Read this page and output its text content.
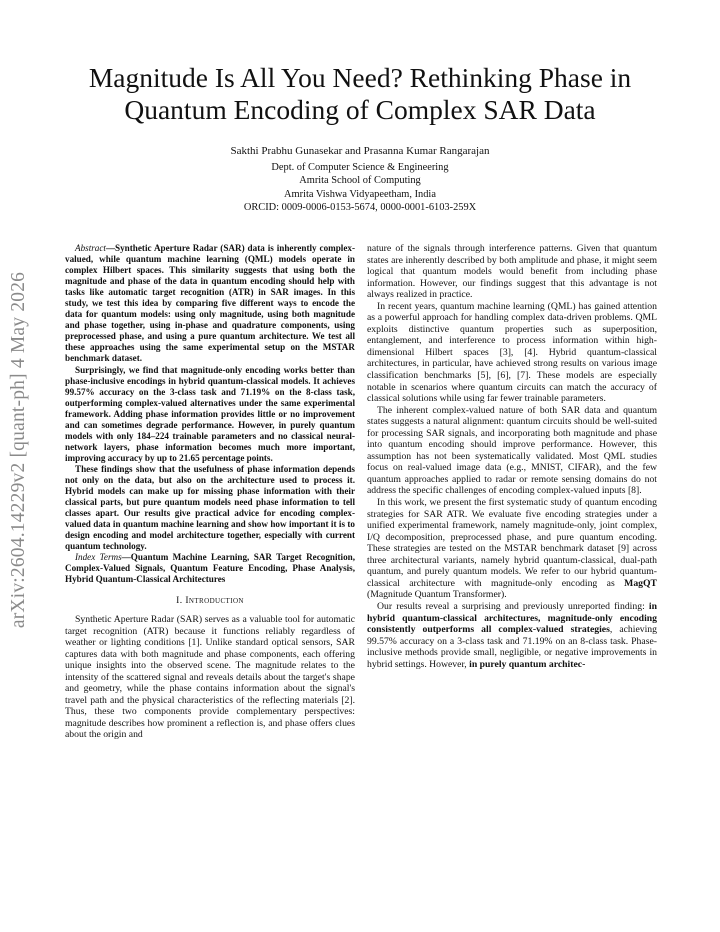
arXiv:2604.14229v2 [quant-ph] 4 May 2026
Magnitude Is All You Need? Rethinking Phase in Quantum Encoding of Complex SAR Data
Sakthi Prabhu Gunasekar and Prasanna Kumar Rangarajan
Dept. of Computer Science & Engineering
Amrita School of Computing
Amrita Vishwa Vidyapeetham, India
ORCID: 0009-0006-0153-5674, 0000-0001-6103-259X

Abstract—Synthetic Aperture Radar (SAR) data is inherently complex-valued, while quantum machine learning (QML) models operate in complex Hilbert spaces. This similarity suggests that using both the magnitude and phase of the data in quantum encoding should help with tasks like automatic target recognition (ATR) in SAR images. In this study, we test this idea by comparing five different ways to encode the data for quantum models: using only magnitude, using both magnitude and phase together, using in-phase and quadrature components, using preprocessed phase, and using a pure quantum architecture. We test all these approaches using the same experimental setup on the MSTAR benchmark dataset.

Surprisingly, we find that magnitude-only encoding works better than phase-inclusive encodings in hybrid quantum-classical models. It achieves 99.57% accuracy on the 3-class task and 71.19% on the 8-class task, outperforming complex-valued alternatives under the same experimental framework. Adding phase information provides little or no improvement and can sometimes degrade performance. However, in purely quantum models with only 184–224 trainable parameters and no classical neural-network layers, phase information becomes much more important, improving accuracy by up to 21.65 percentage points.

These findings show that the usefulness of phase information depends not only on the data, but also on the architecture used to process it. Hybrid models can make up for missing phase information with their classical parts, but pure quantum models need phase information to tell classes apart. Our results give practical advice for encoding complex-valued data in quantum machine learning and show how important it is to design encoding and model architecture together, especially with current quantum technology.

Index Terms—Quantum Machine Learning, SAR Target Recognition, Complex-Valued Signals, Quantum Feature Encoding, Phase Analysis, Hybrid Quantum-Classical Architectures

I. Introduction

Synthetic Aperture Radar (SAR) serves as a valuable tool for automatic target recognition (ATR) because it functions reliably regardless of weather or lighting conditions [1]. Unlike standard optical sensors, SAR captures data with both magnitude and phase components, each offering unique insights into the observed scene. The magnitude relates to the intensity of the scattered signal and reveals details about the target's shape and geometry, while the phase contains information about the signal's travel path and the physical characteristics of the reflecting materials [2]. Thus, these two components provide complementary perspectives: magnitude describes how prominent a reflection is, and phase offers clues about the origin and

nature of the signals through interference patterns. Given that quantum states are inherently described by both amplitude and phase, it might seem logical that quantum models would benefit from including phase information. However, our findings suggest that this advantage is not always realized in practice.

In recent years, quantum machine learning (QML) has gained attention as a powerful approach for handling complex data-driven problems. QML exploits distinctive quantum properties such as superposition, entanglement, and interference to process information within high-dimensional Hilbert spaces [3], [4]. Hybrid quantum-classical architectures, in particular, have achieved strong results on various image classification benchmarks [5], [6], [7]. These models are especially notable in scenarios where quantum circuits can match the accuracy of classical solutions while using far fewer trainable parameters.

The inherent complex-valued nature of both SAR data and quantum states suggests a natural alignment: quantum circuits should be well-suited for processing SAR signals, and incorporating both magnitude and phase into quantum encoding should improve performance. However, this assumption has not been systematically validated. Most QML studies focus on real-valued image data (e.g., MNIST, CIFAR), and the few quantum approaches applied to radar or remote sensing domains do not address the specific challenges of encoding complex-valued inputs [8].

In this work, we present the first systematic study of quantum encoding strategies for SAR ATR. We evaluate five encoding strategies under a unified experimental framework, namely magnitude-only, joint complex, I/Q decomposition, preprocessed phase, and pure quantum encoding. These strategies are tested on the MSTAR benchmark dataset [9] across three architectural variants, namely hybrid quantum-classical, dual-path quantum, and purely quantum models. We refer to our hybrid quantum-classical architecture with magnitude-only encoding as MagQT (Magnitude Quantum Transformer).

Our results reveal a surprising and previously unreported finding: in hybrid quantum-classical architectures, magnitude-only encoding consistently outperforms all complex-valued strategies, achieving 99.57% accuracy on a 3-class task and 71.19% on an 8-class task. Phase-inclusive methods provide small, negligible, or negative improvements in hybrid settings. However, in purely quantum architec-
